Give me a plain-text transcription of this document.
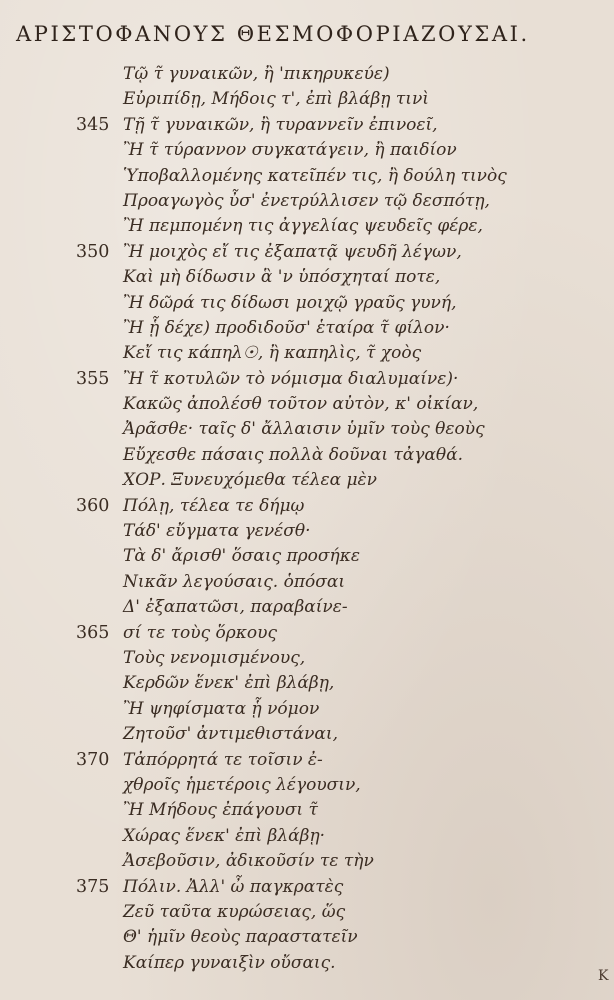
ΑΡΙΣΤΟΦΑΝΟΥΣ ΘΕΣΜΟΦΟΡΙΑΖΟΥΣΑΙ.
Τῷ τ̃ γυναικῶν, ἢ 'πικηρυκεύε)
Εὐριπίδῃ, Μήδοις τ', ἐπὶ βλάβῃ τινὶ
345 Τῇ τ̃ γυναικῶν, ἢ τυραννεῖν ἐπινοεῖ,
Ἢ τ̃ τύραννον συγκατάγειν, ἢ παιδίον
Ὑποβαλλομένης κατεῖπέν τις, ἢ δούλη τινὸς
Προαγωγὸς ὖσ' ἐνετρύλλισεν τῷ δεσπότῃ,
Ἢ πεμπομένη τις ἀγγελίας ψευδεῖς φέρε,
350 Ἢ μοιχὸς εἴ τις ἐξαπατᾷ ψευδῆ λέγων,
Καὶ μὴ δίδωσιν ἃ 'ν ὑπόσχηταί ποτε,
Ἢ δῶρά τις δίδωσι μοιχῷ γραῦς γυνή,
Ἢ ᾗ δέχε) προδιδοῦσ' ἑταίρα τ̃ φίλον·
Κεἴ τις κάπηλ☉, ἢ καπηλὶς, τ̃ χοὸς
355 Ἢ τ̃ κοτυλῶν τὸ νόμισμα διαλυμαίνε)·
Κακῶς ἀπολέσθ τοῦτον αὐτὸν, κ' οἰκίαν,
Ἀρᾶσθε· ταῖς δ' ἄλλαισιν ὑμῖν τοὺς θεοὺς
Εὔχεσθε πάσαις πολλὰ δοῦναι τἀγαθά.
ΧΟΡ. Ξυνευχόμεθα τέλεα μὲν
360 Πόλῃ, τέλεα τε δήμῳ
Τάδ' εὔγματα γενέσθ·
Τὰ δ' ἄρισθ' ὅσαις προσήκε
Νικᾶν λεγούσαις. ὁπόσαι
Δ' ἐξαπατῶσι, παραβαίνε-
365 σί τε τοὺς ὅρκους
Τοὺς νενομισμένους,
Κερδῶν ἕνεκ' ἐπὶ βλάβῃ,
Ἢ ψηφίσματα ᾗ νόμον
Ζητοῦσ' ἀντιμεθιστάναι,
370 Τἀπόρρητά τε τοῖσιν ἐ-
χθροῖς ἡμετέροις λέγουσιν,
Ἢ Μήδους ἐπάγουσι τ̃
Χώρας ἕνεκ' ἐπὶ βλάβῃ·
Ἀσεβοῦσιν, ἀδικοῦσίν τε τὴν
375 Πόλιν. Ἀλλ' ὦ παγκρατὲς
Ζεῦ ταῦτα κυρώσειας, ὥς
Θ' ἡμῖν θεοὺς παραστατεῖν
Καίπερ γυναιξὶν οὔσαις.
K
